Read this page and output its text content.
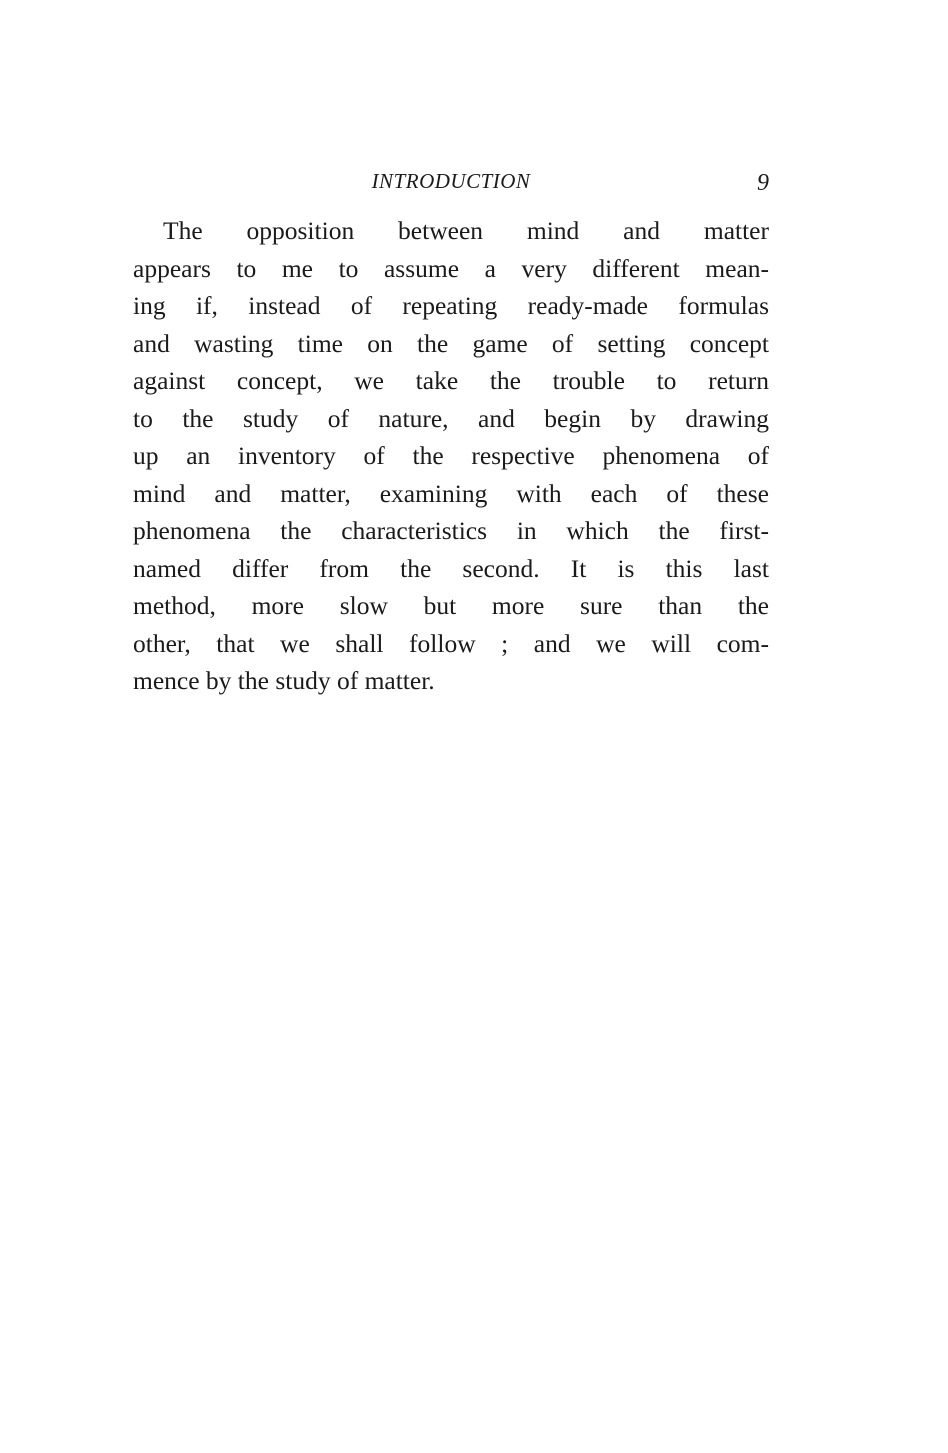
INTRODUCTION	9
The opposition between mind and matter
appears to me to assume a very different mean-
ing if, instead of repeating ready-made formulas
and wasting time on the game of setting concept
against concept, we take the trouble to return
to the study of nature, and begin by drawing
up an inventory of the respective phenomena of
mind and matter, examining with each of these
phenomena the characteristics in which the first-
named differ from the second. It is this last
method, more slow but more sure than the
other, that we shall follow ; and we will com-
mence by the study of matter.
